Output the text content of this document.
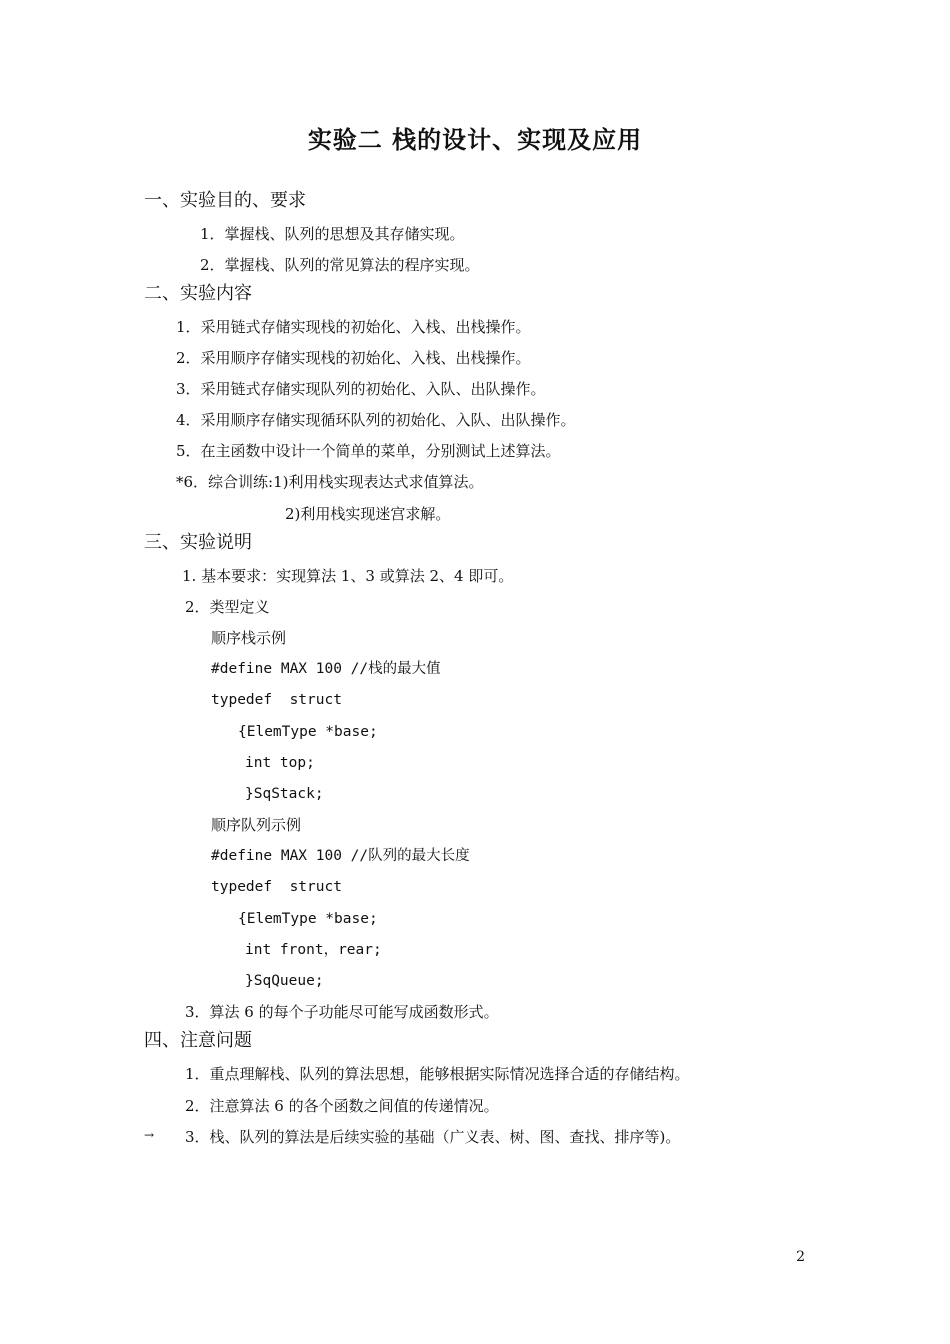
实验二 栈的设计、实现及应用
一、实验目的、要求
1．掌握栈、队列的思想及其存储实现。
2．掌握栈、队列的常见算法的程序实现。
二、实验内容
1．采用链式存储实现栈的初始化、入栈、出栈操作。
2．采用顺序存储实现栈的初始化、入栈、出栈操作。
3．采用链式存储实现队列的初始化、入队、出队操作。
4．采用顺序存储实现循环队列的初始化、入队、出队操作。
5．在主函数中设计一个简单的菜单，分别测试上述算法。
*6．综合训练:1)利用栈实现表达式求值算法。
2)利用栈实现迷宫求解。
三、实验说明
1. 基本要求：实现算法 1、3 或算法 2、4 即可。
2．类型定义
顺序栈示例
#define MAX 100 //栈的最大值
typedef  struct
{ElemType *base;
int top;
}SqStack;
顺序队列示例
#define MAX 100 //队列的最大长度
typedef  struct
{ElemType *base;
int front，rear;
}SqQueue;
3．算法 6 的每个子功能尽可能写成函数形式。
四、注意问题
1．重点理解栈、队列的算法思想，能够根据实际情况选择合适的存储结构。
2．注意算法 6 的各个函数之间值的传递情况。
→ 3．栈、队列的算法是后续实验的基础（广义表、树、图、查找、排序等)。
2
